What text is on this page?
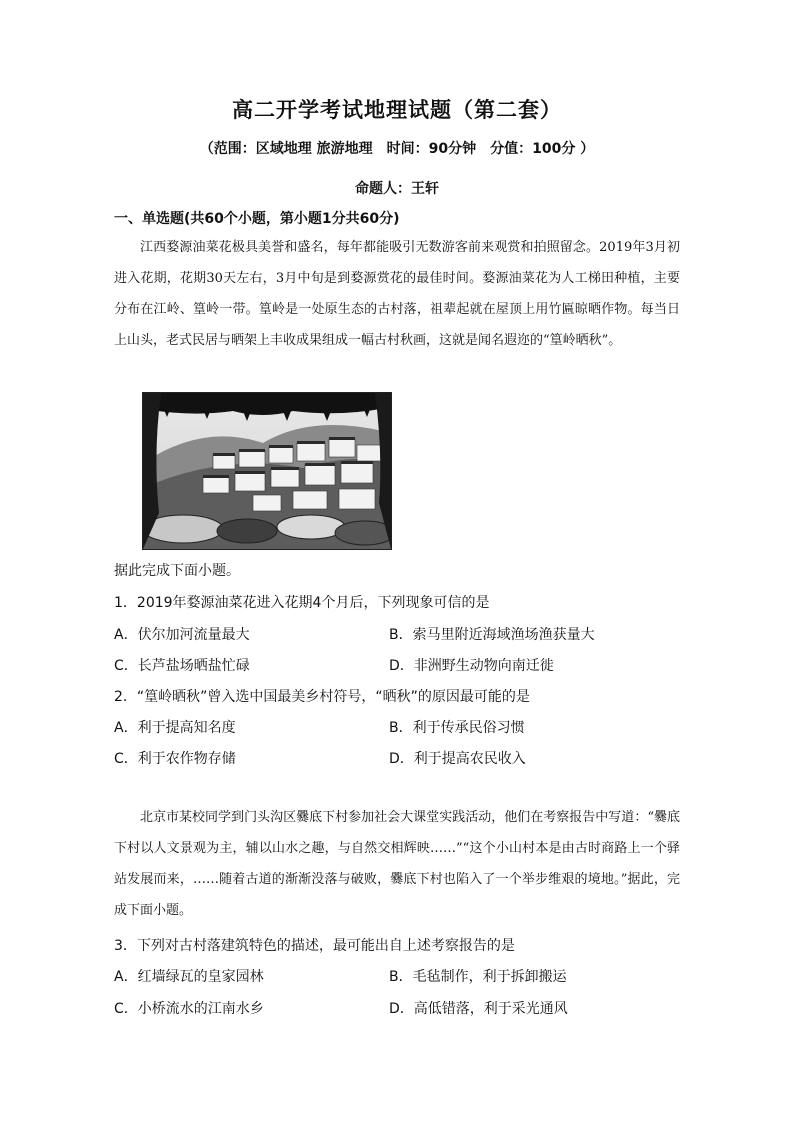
高二开学考试地理试题（第二套）
（范围：区域地理 旅游地理　时间：90分钟　分值：100分 ）
命题人：王轩
一、单选题(共60个小题，第小题1分共60分)

江西婺源油菜花极具美誉和盛名，每年都能吸引无数游客前来观赏和拍照留念。2019年3月初进入花期，花期30天左右，3月中旬是到婺源赏花的最佳时间。婺源油菜花为人工梯田种植，主要分布在江岭、篁岭一带。篁岭是一处原生态的古村落，祖辈起就在屋顶上用竹匾晾晒作物。每当日上山头，老式民居与晒架上丰收成果组成一幅古村秋画，这就是闻名遐迩的“篁岭晒秋”。

据此完成下面小题。
1．2019年婺源油菜花进入花期4个月后，下列现象可信的是
A．伏尔加河流量最大	B．索马里附近海域渔场渔获量大
C．长芦盐场晒盐忙碌	D．非洲野生动物向南迁徙
2．“篁岭晒秋”曾入选中国最美乡村符号，“晒秋”的原因最可能的是
A．利于提高知名度	B．利于传承民俗习惯
C．利于农作物存储	D．利于提高农民收入

北京市某校同学到门头沟区爨底下村参加社会大课堂实践活动，他们在考察报告中写道：“爨底下村以人文景观为主，辅以山水之趣，与自然交相辉映……”“这个小山村本是由古时商路上一个驿站发展而来，……随着古道的渐渐没落与破败，爨底下村也陷入了一个举步维艰的境地。”据此，完成下面小题。

3．下列对古村落建筑特色的描述，最可能出自上述考察报告的是
A．红墙绿瓦的皇家园林	B．毛毡制作，利于拆卸搬运
C．小桥流水的江南水乡	D．高低错落，利于采光通风
